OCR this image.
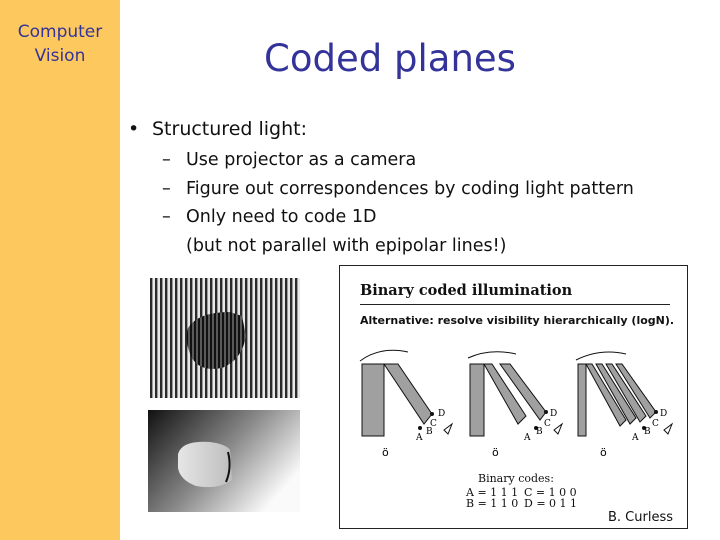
Computer
Vision	Coded planes
• Structured light:
– Use projector as a camera
– Figure out correspondences by coding light pattern
– Only need to code 1D
(but not parallel with epipolar lines!)
Binary coded illumination
Alternative: resolve visibility hierarchically (logN).
D
C
A
B
ö
D
C
A
B
ö
D
C
A
B
ö
Binary codes:
A = 1 1 1 C = 1 0 0
B = 1 1 0 D = 0 1 1
B. Curless
